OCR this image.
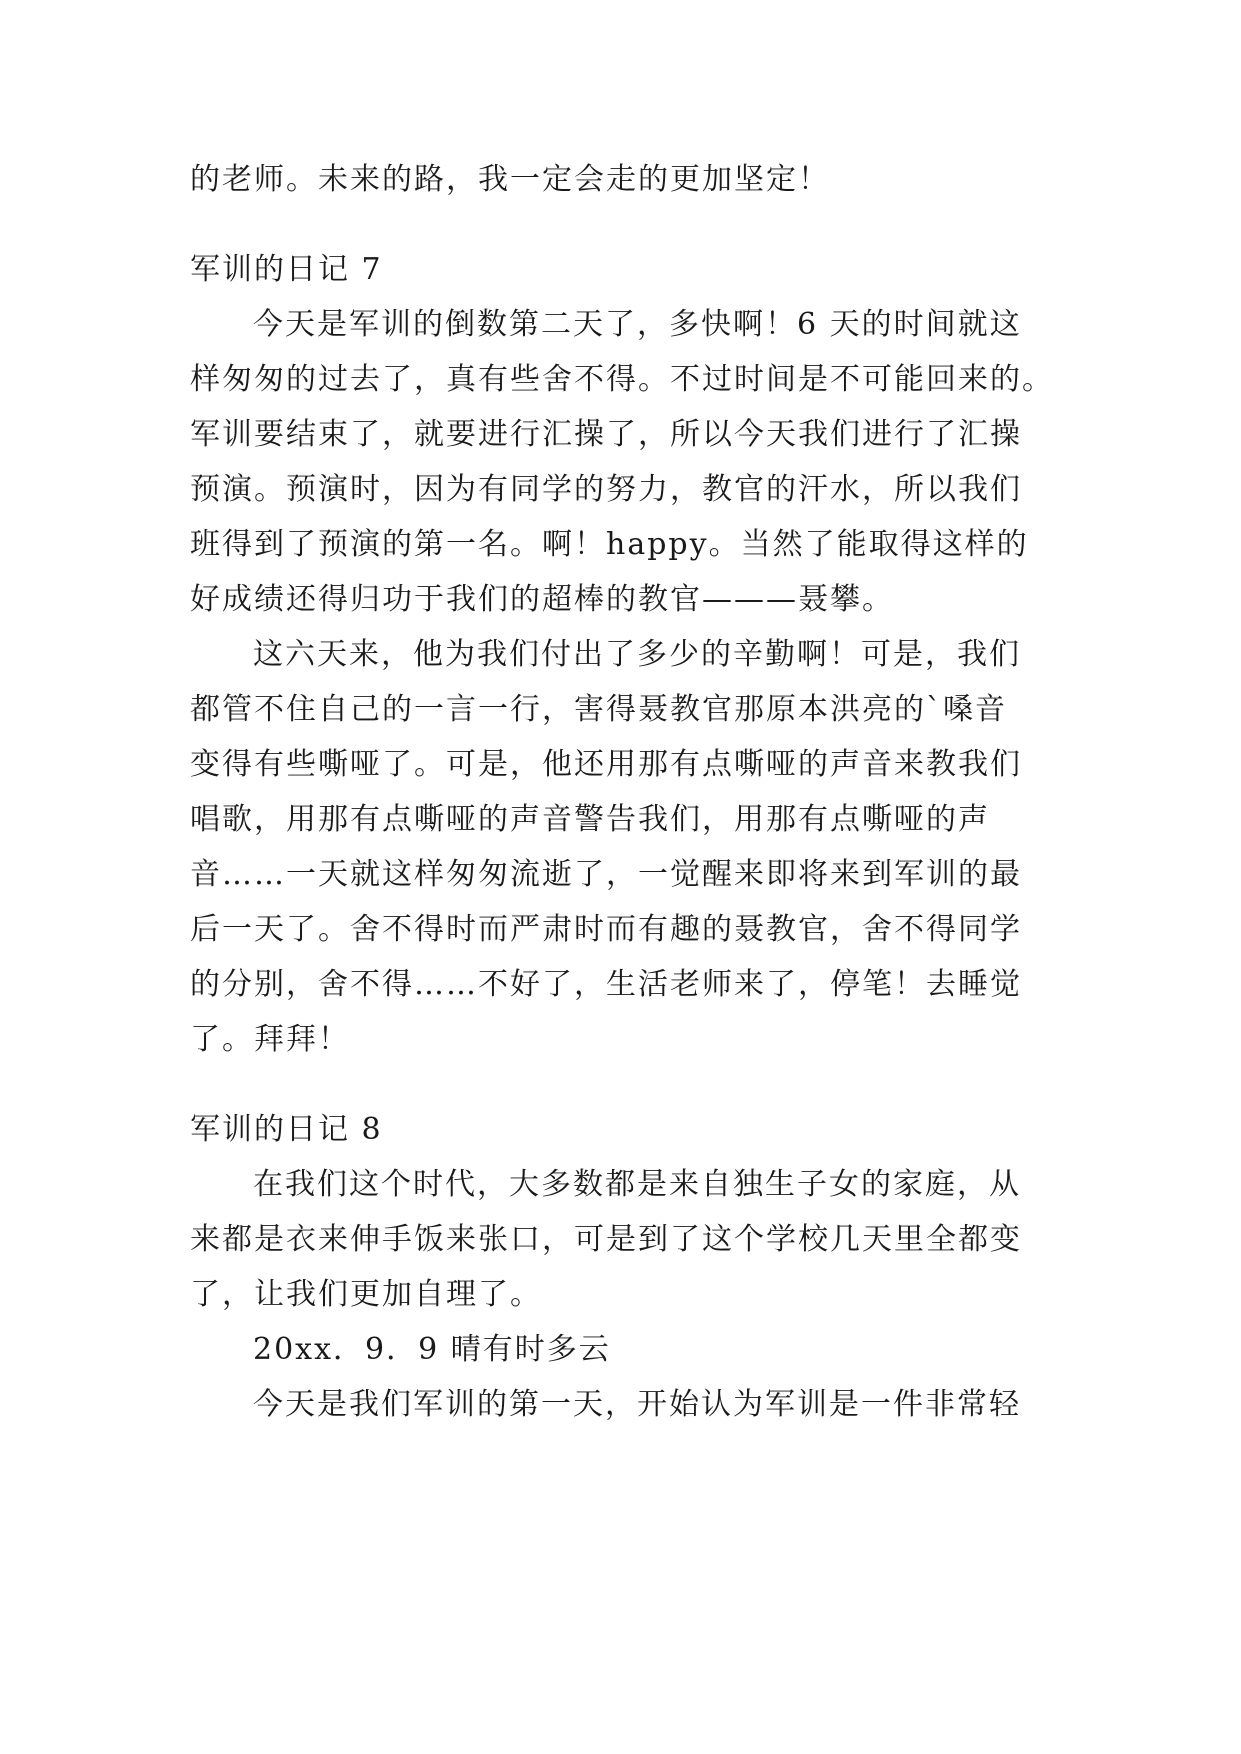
的老师。未来的路，我一定会走的更加坚定！
军训的日记 7
今天是军训的倒数第二天了，多快啊！6 天的时间就这
样匆匆的过去了，真有些舍不得。不过时间是不可能回来的。
军训要结束了，就要进行汇操了，所以今天我们进行了汇操
预演。预演时，因为有同学的努力，教官的汗水，所以我们
班得到了预演的第一名。啊！happy。当然了能取得这样的
好成绩还得归功于我们的超棒的教官———聂攀。
这六天来，他为我们付出了多少的辛勤啊！可是，我们
都管不住自己的一言一行，害得聂教官那原本洪亮的`嗓音
变得有些嘶哑了。可是，他还用那有点嘶哑的声音来教我们
唱歌，用那有点嘶哑的声音警告我们，用那有点嘶哑的声
音……一天就这样匆匆流逝了，一觉醒来即将来到军训的最
后一天了。舍不得时而严肃时而有趣的聂教官，舍不得同学
的分别，舍不得……不好了，生活老师来了，停笔！去睡觉
了。拜拜！
军训的日记 8
在我们这个时代，大多数都是来自独生子女的家庭，从
来都是衣来伸手饭来张口，可是到了这个学校几天里全都变
了，让我们更加自理了。
20xx．9．9 晴有时多云
今天是我们军训的第一天，开始认为军训是一件非常轻
